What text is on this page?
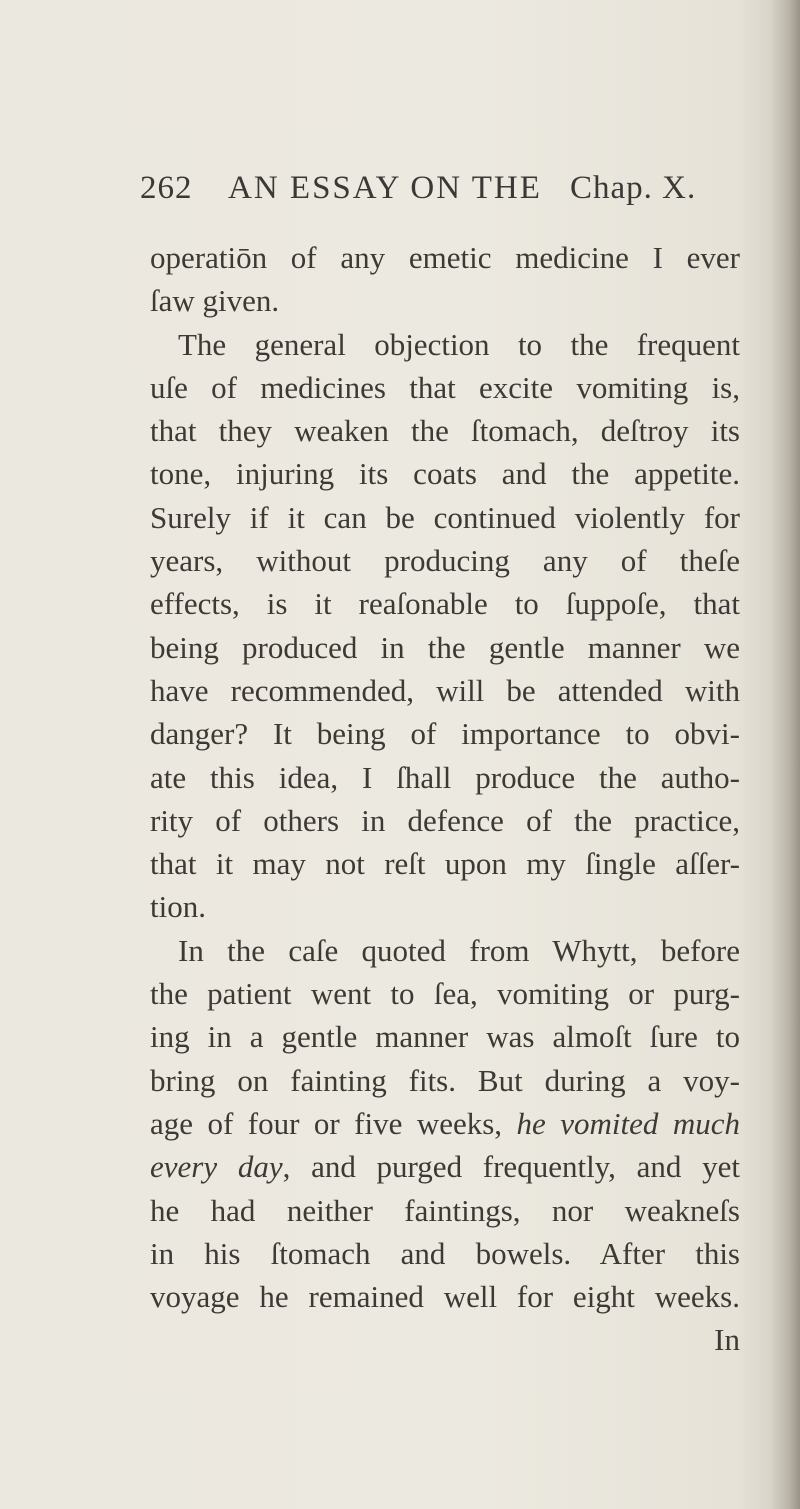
262 AN ESSAY ON THE Chap. X.
operatiōn of any emetic medicine I ever
ſaw given.
The general objection to the frequent
uſe of medicines that excite vomiting is,
that they weaken the ſtomach, deſtroy its
tone, injuring its coats and the appetite.
Surely if it can be continued violently for
years, without producing any of theſe
effects, is it reaſonable to ſuppoſe, that
being produced in the gentle manner we
have recommended, will be attended with
danger? It being of importance to obvi-
ate this idea, I ſhall produce the autho-
rity of others in defence of the practice,
that it may not reſt upon my ſingle aſſer-
tion.
In the caſe quoted from Whytt, before
the patient went to ſea, vomiting or purg-
ing in a gentle manner was almoſt ſure to
bring on fainting fits. But during a voy-
age of four or five weeks, he vomited much
every day, and purged frequently, and yet
he had neither faintings, nor weakneſs
in his ſtomach and bowels. After this
voyage he remained well for eight weeks.
In
